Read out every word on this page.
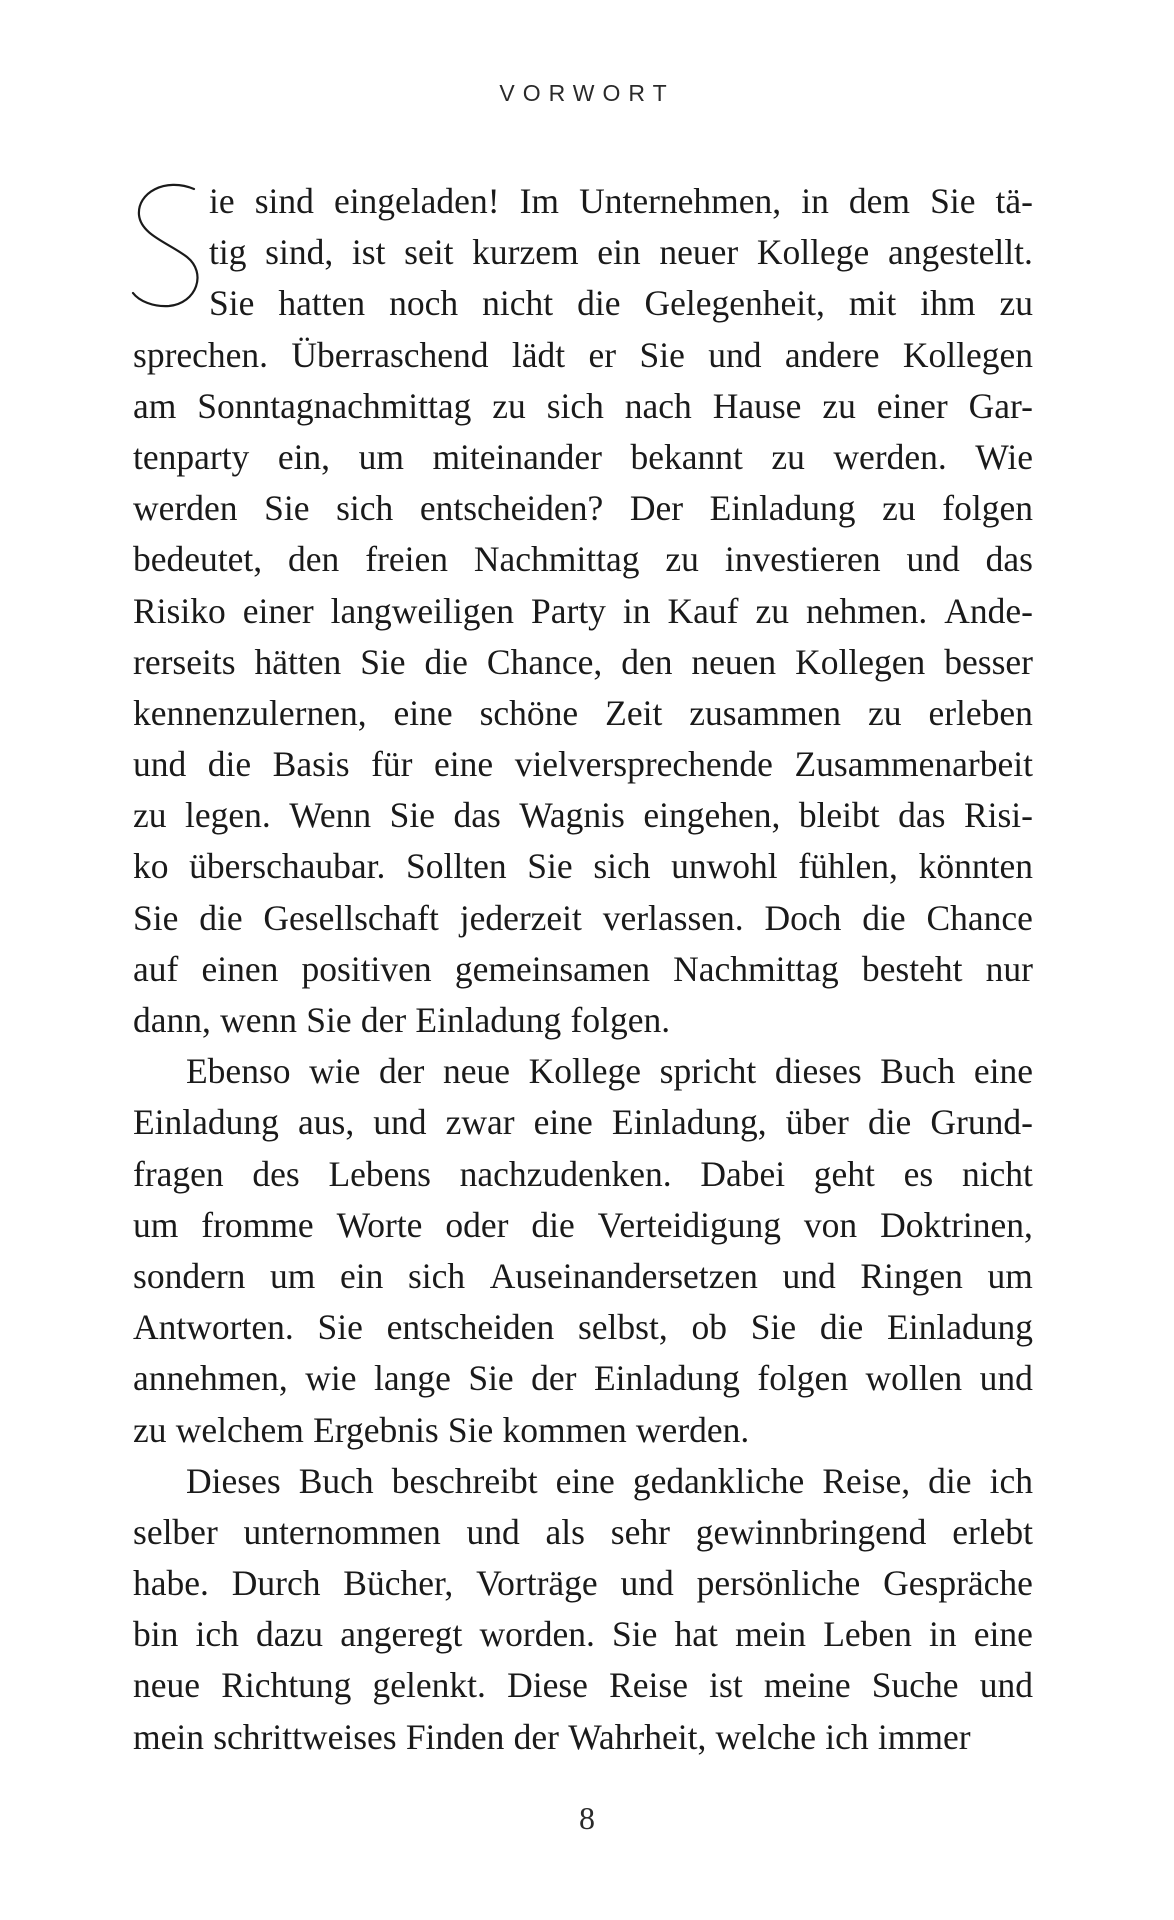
VORWORT
ie sind eingeladen! Im Unternehmen, in dem Sie tä-
tig sind, ist seit kurzem ein neuer Kollege angestellt.
Sie hatten noch nicht die Gelegenheit, mit ihm zu
sprechen. Überraschend lädt er Sie und andere Kollegen
am Sonntagnachmittag zu sich nach Hause zu einer Gar-
tenparty ein, um miteinander bekannt zu werden. Wie
werden Sie sich entscheiden? Der Einladung zu folgen
bedeutet, den freien Nachmittag zu investieren und das
Risiko einer langweiligen Party in Kauf zu nehmen. Ande-
rerseits hätten Sie die Chance, den neuen Kollegen besser
kennenzulernen, eine schöne Zeit zusammen zu erleben
und die Basis für eine vielversprechende Zusammenarbeit
zu legen. Wenn Sie das Wagnis eingehen, bleibt das Risi-
ko überschaubar. Sollten Sie sich unwohl fühlen, könnten
Sie die Gesellschaft jederzeit verlassen. Doch die Chance
auf einen positiven gemeinsamen Nachmittag besteht nur
dann, wenn Sie der Einladung folgen.
Ebenso wie der neue Kollege spricht dieses Buch eine
Einladung aus, und zwar eine Einladung, über die Grund-
fragen des Lebens nachzudenken. Dabei geht es nicht
um fromme Worte oder die Verteidigung von Doktrinen,
sondern um ein sich Auseinandersetzen und Ringen um
Antworten. Sie entscheiden selbst, ob Sie die Einladung
annehmen, wie lange Sie der Einladung folgen wollen und
zu welchem Ergebnis Sie kommen werden.
Dieses Buch beschreibt eine gedankliche Reise, die ich
selber unternommen und als sehr gewinnbringend erlebt
habe. Durch Bücher, Vorträge und persönliche Gespräche
bin ich dazu angeregt worden. Sie hat mein Leben in eine
neue Richtung gelenkt. Diese Reise ist meine Suche und
mein schrittweises Finden der Wahrheit, welche ich immer
8
